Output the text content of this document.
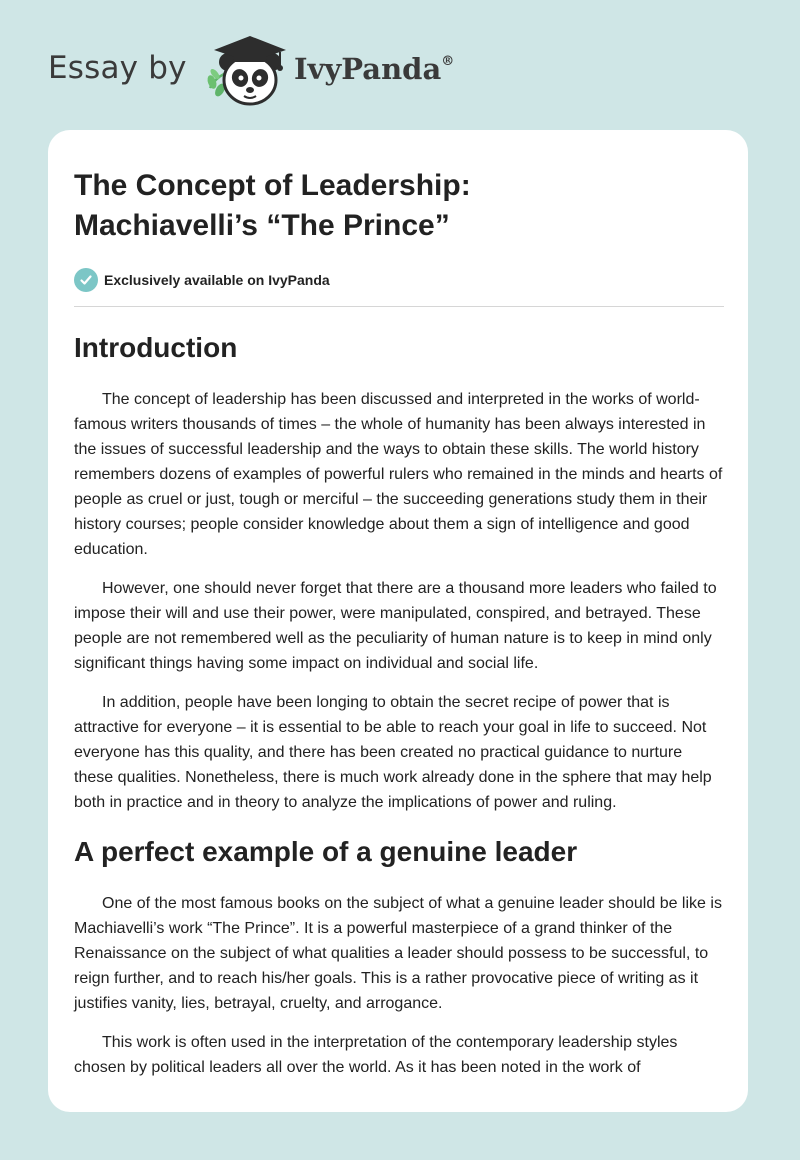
Essay by	IvyPanda®
The Concept of Leadership:
Machiavelli’s “The Prince”
Exclusively available on IvyPanda
Introduction

The concept of leadership has been discussed and interpreted in the works of world-famous writers thousands of times – the whole of humanity has been always interested in the issues of successful leadership and the ways to obtain these skills. The world history remembers dozens of examples of powerful rulers who remained in the minds and hearts of people as cruel or just, tough or merciful – the succeeding generations study them in their history courses; people consider knowledge about them a sign of intelligence and good education.

However, one should never forget that there are a thousand more leaders who failed to impose their will and use their power, were manipulated, conspired, and betrayed. These people are not remembered well as the peculiarity of human nature is to keep in mind only significant things having some impact on individual and social life.

In addition, people have been longing to obtain the secret recipe of power that is attractive for everyone – it is essential to be able to reach your goal in life to succeed. Not everyone has this quality, and there has been created no practical guidance to nurture these qualities. Nonetheless, there is much work already done in the sphere that may help both in practice and in theory to analyze the implications of power and ruling.

A perfect example of a genuine leader

One of the most famous books on the subject of what a genuine leader should be like is Machiavelli’s work “The Prince”. It is a powerful masterpiece of a grand thinker of the Renaissance on the subject of what qualities a leader should possess to be successful, to reign further, and to reach his/her goals. This is a rather provocative piece of writing as it justifies vanity, lies, betrayal, cruelty, and arrogance.

This work is often used in the interpretation of the contemporary leadership styles chosen by political leaders all over the world. As it has been noted in the work of
